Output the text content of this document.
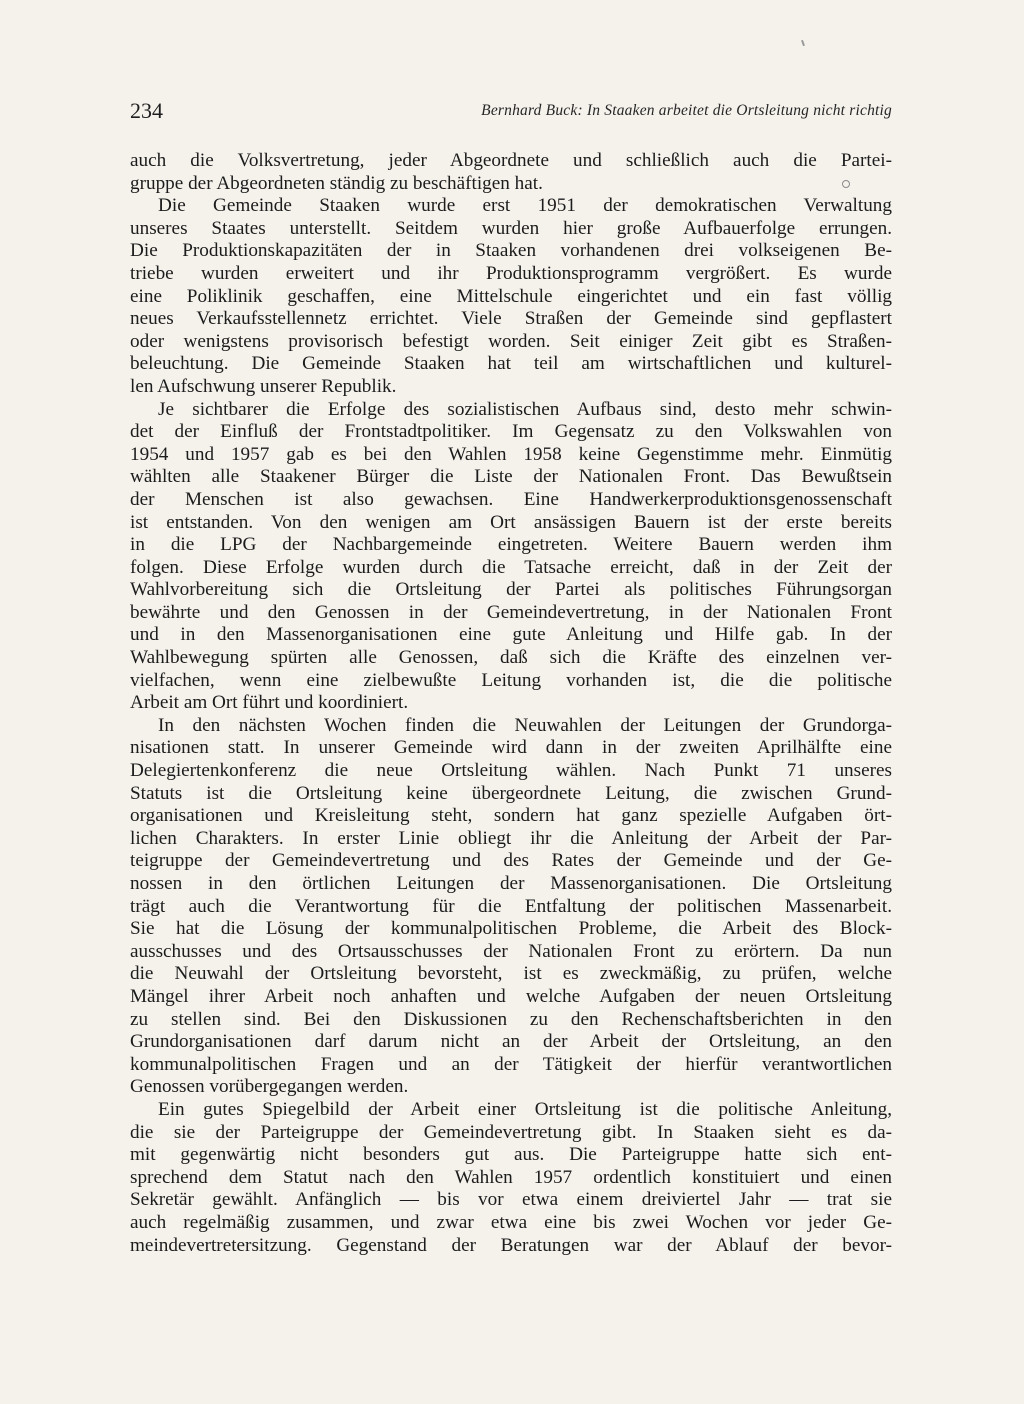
234	Bernhard Buck: In Staaken arbeitet die Ortsleitung nicht richtig
auch die Volksvertretung, jeder Abgeordnete und schließlich auch die Partei-
gruppe der Abgeordneten ständig zu beschäftigen hat.
Die Gemeinde Staaken wurde erst 1951 der demokratischen Verwaltung
unseres Staates unterstellt. Seitdem wurden hier große Aufbauerfolge errungen.
Die Produktionskapazitäten der in Staaken vorhandenen drei volkseigenen Be-
triebe wurden erweitert und ihr Produktionsprogramm vergrößert. Es wurde
eine Poliklinik geschaffen, eine Mittelschule eingerichtet und ein fast völlig
neues Verkaufsstellennetz errichtet. Viele Straßen der Gemeinde sind gepflastert
oder wenigstens provisorisch befestigt worden. Seit einiger Zeit gibt es Straßen-
beleuchtung. Die Gemeinde Staaken hat teil am wirtschaftlichen und kulturel-
len Aufschwung unserer Republik.
Je sichtbarer die Erfolge des sozialistischen Aufbaus sind, desto mehr schwin-
det der Einfluß der Frontstadtpolitiker. Im Gegensatz zu den Volkswahlen von
1954 und 1957 gab es bei den Wahlen 1958 keine Gegenstimme mehr. Einmütig
wählten alle Staakener Bürger die Liste der Nationalen Front. Das Bewußtsein
der Menschen ist also gewachsen. Eine Handwerkerproduktionsgenossenschaft
ist entstanden. Von den wenigen am Ort ansässigen Bauern ist der erste bereits
in die LPG der Nachbargemeinde eingetreten. Weitere Bauern werden ihm
folgen. Diese Erfolge wurden durch die Tatsache erreicht, daß in der Zeit der
Wahlvorbereitung sich die Ortsleitung der Partei als politisches Führungsorgan
bewährte und den Genossen in der Gemeindevertretung, in der Nationalen Front
und in den Massenorganisationen eine gute Anleitung und Hilfe gab. In der
Wahlbewegung spürten alle Genossen, daß sich die Kräfte des einzelnen ver-
vielfachen, wenn eine zielbewußte Leitung vorhanden ist, die die politische
Arbeit am Ort führt und koordiniert.
In den nächsten Wochen finden die Neuwahlen der Leitungen der Grundorga-
nisationen statt. In unserer Gemeinde wird dann in der zweiten Aprilhälfte eine
Delegiertenkonferenz die neue Ortsleitung wählen. Nach Punkt 71 unseres
Statuts ist die Ortsleitung keine übergeordnete Leitung, die zwischen Grund-
organisationen und Kreisleitung steht, sondern hat ganz spezielle Aufgaben ört-
lichen Charakters. In erster Linie obliegt ihr die Anleitung der Arbeit der Par-
teigruppe der Gemeindevertretung und des Rates der Gemeinde und der Ge-
nossen in den örtlichen Leitungen der Massenorganisationen. Die Ortsleitung
trägt auch die Verantwortung für die Entfaltung der politischen Massenarbeit.
Sie hat die Lösung der kommunalpolitischen Probleme, die Arbeit des Block-
ausschusses und des Ortsausschusses der Nationalen Front zu erörtern. Da nun
die Neuwahl der Ortsleitung bevorsteht, ist es zweckmäßig, zu prüfen, welche
Mängel ihrer Arbeit noch anhaften und welche Aufgaben der neuen Ortsleitung
zu stellen sind. Bei den Diskussionen zu den Rechenschaftsberichten in den
Grundorganisationen darf darum nicht an der Arbeit der Ortsleitung, an den
kommunalpolitischen Fragen und an der Tätigkeit der hierfür verantwortlichen
Genossen vorübergegangen werden.
Ein gutes Spiegelbild der Arbeit einer Ortsleitung ist die politische Anleitung,
die sie der Parteigruppe der Gemeindevertretung gibt. In Staaken sieht es da-
mit gegenwärtig nicht besonders gut aus. Die Parteigruppe hatte sich ent-
sprechend dem Statut nach den Wahlen 1957 ordentlich konstituiert und einen
Sekretär gewählt. Anfänglich — bis vor etwa einem dreiviertel Jahr — trat sie
auch regelmäßig zusammen, und zwar etwa eine bis zwei Wochen vor jeder Ge-
meindevertretersitzung. Gegenstand der Beratungen war der Ablauf der bevor-
